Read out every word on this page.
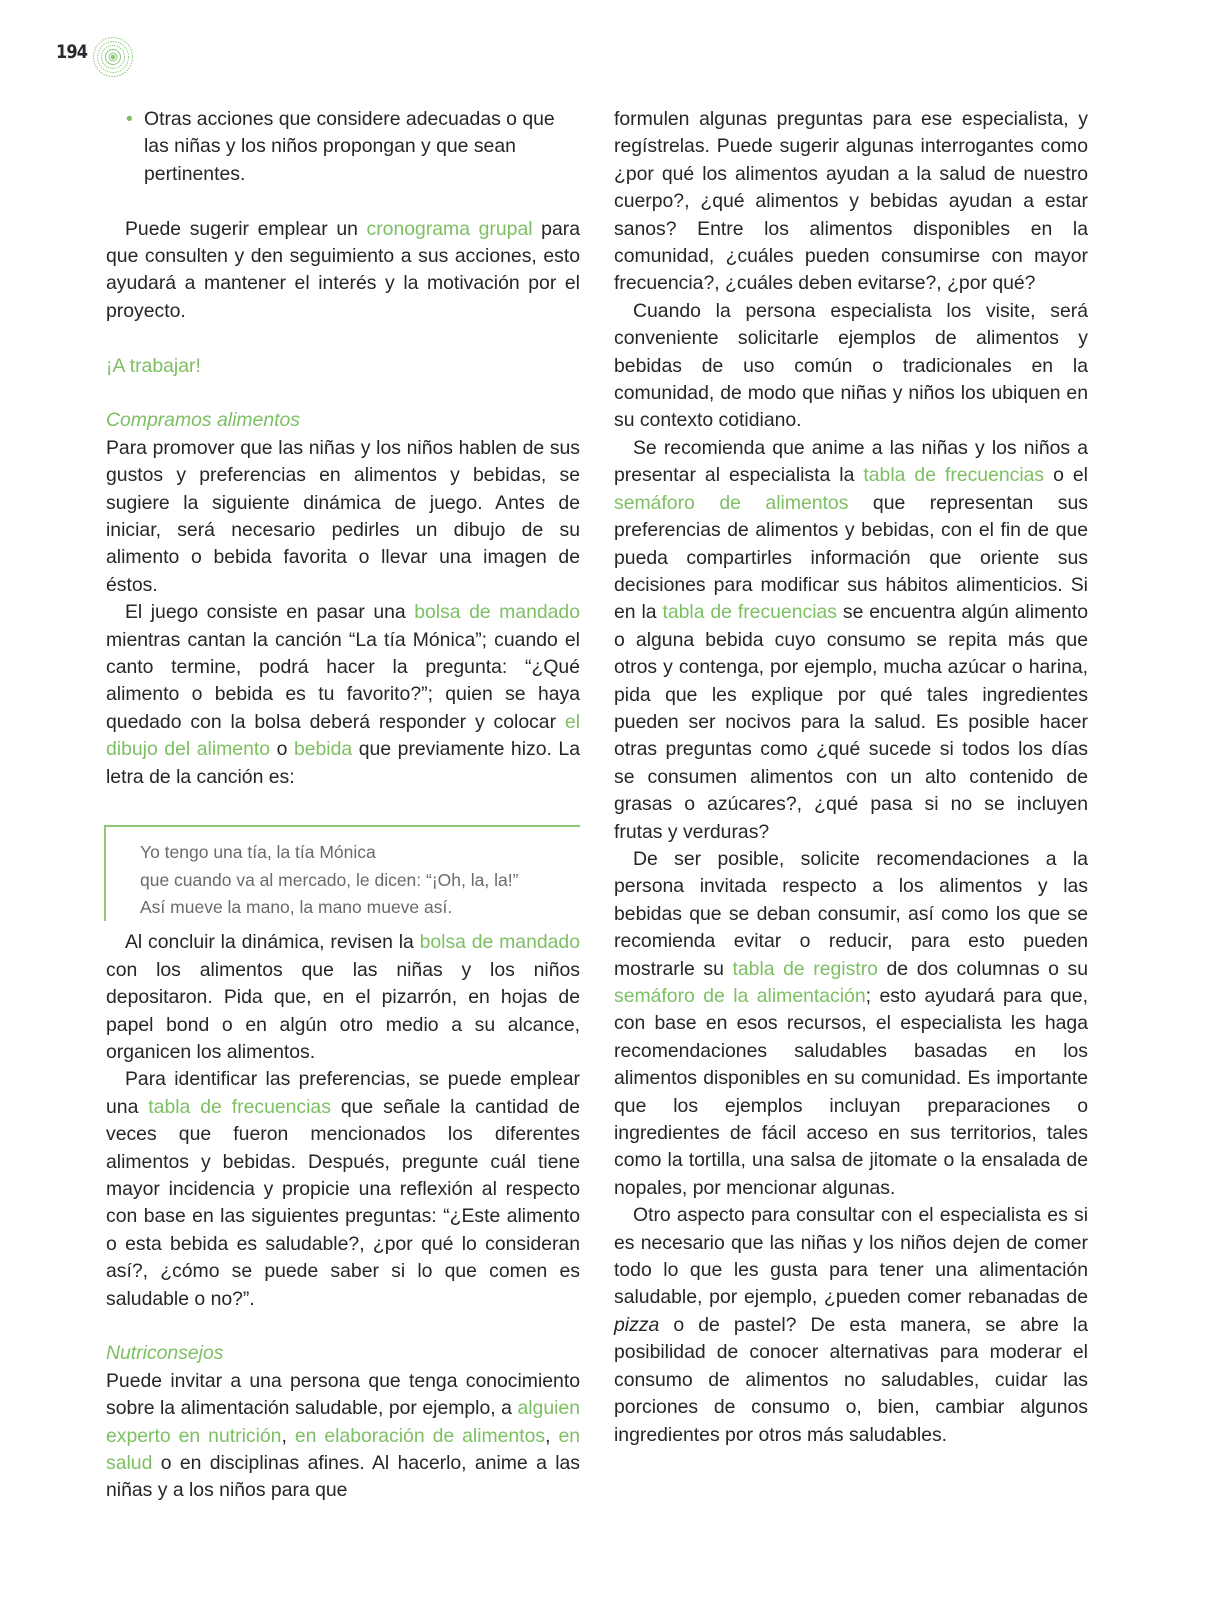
194
• Otras acciones que considere adecuadas o que las niñas y los niños propongan y que sean pertinentes.

Puede sugerir emplear un cronograma grupal para que consulten y den seguimiento a sus acciones, esto ayudará a mantener el interés y la motivación por el proyecto.

¡A trabajar!
Compramos alimentos

Para promover que las niñas y los niños hablen de sus gustos y preferencias en alimentos y bebidas, se sugiere la siguiente dinámica de juego. Antes de iniciar, será necesario pedirles un dibujo de su alimento o bebida favorita o llevar una imagen de éstos.

El juego consiste en pasar una bolsa de mandado mientras cantan la canción “La tía Mónica”; cuando el canto termine, podrá hacer la pregunta: “¿Qué alimento o bebida es tu favorito?”; quien se haya quedado con la bolsa deberá responder y colocar el dibujo del alimento o bebida que previamente hizo. La letra de la canción es:

Yo tengo una tía, la tía Mónica
que cuando va al mercado, le dicen: “¡Oh, la, la!”
Así mueve la mano, la mano mueve así.

Al concluir la dinámica, revisen la bolsa de mandado con los alimentos que las niñas y los niños depositaron. Pida que, en el pizarrón, en hojas de papel bond o en algún otro medio a su alcance, organicen los alimentos.

Para identificar las preferencias, se puede emplear una tabla de frecuencias que señale la cantidad de veces que fueron mencionados los diferentes alimentos y bebidas. Después, pregunte cuál tiene mayor incidencia y propicie una reflexión al respecto con base en las siguientes preguntas: “¿Este alimento o esta bebida es saludable?, ¿por qué lo consideran así?, ¿cómo se puede saber si lo que comen es saludable o no?”.

Nutriconsejos

Puede invitar a una persona que tenga conocimiento sobre la alimentación saludable, por ejemplo, a alguien experto en nutrición, en elaboración de alimentos, en salud o en disciplinas afines. Al hacerlo, anime a las niñas y a los niños para que

formulen algunas preguntas para ese especialista, y regístrelas. Puede sugerir algunas interrogantes como ¿por qué los alimentos ayudan a la salud de nuestro cuerpo?, ¿qué alimentos y bebidas ayudan a estar sanos? Entre los alimentos disponibles en la comunidad, ¿cuáles pueden consumirse con mayor frecuencia?, ¿cuáles deben evitarse?, ¿por qué?

Cuando la persona especialista los visite, será conveniente solicitarle ejemplos de alimentos y bebidas de uso común o tradicionales en la comunidad, de modo que niñas y niños los ubiquen en su contexto cotidiano.

Se recomienda que anime a las niñas y los niños a presentar al especialista la tabla de frecuencias o el semáforo de alimentos que representan sus preferencias de alimentos y bebidas, con el fin de que pueda compartirles información que oriente sus decisiones para modificar sus hábitos alimenticios. Si en la tabla de frecuencias se encuentra algún alimento o alguna bebida cuyo consumo se repita más que otros y contenga, por ejemplo, mucha azúcar o harina, pida que les explique por qué tales ingredientes pueden ser nocivos para la salud. Es posible hacer otras preguntas como ¿qué sucede si todos los días se consumen alimentos con un alto contenido de grasas o azúcares?, ¿qué pasa si no se incluyen frutas y verduras?

De ser posible, solicite recomendaciones a la persona invitada respecto a los alimentos y las bebidas que se deban consumir, así como los que se recomienda evitar o reducir, para esto pueden mostrarle su tabla de registro de dos columnas o su semáforo de la alimentación; esto ayudará para que, con base en esos recursos, el especialista les haga recomendaciones saludables basadas en los alimentos disponibles en su comunidad. Es importante que los ejemplos incluyan preparaciones o ingredientes de fácil acceso en sus territorios, tales como la tortilla, una salsa de jitomate o la ensalada de nopales, por mencionar algunas.

Otro aspecto para consultar con el especialista es si es necesario que las niñas y los niños dejen de comer todo lo que les gusta para tener una alimentación saludable, por ejemplo, ¿pueden comer rebanadas de pizza o de pastel? De esta manera, se abre la posibilidad de conocer alternativas para moderar el consumo de alimentos no saludables, cuidar las porciones de consumo o, bien, cambiar algunos ingredientes por otros más saludables.
